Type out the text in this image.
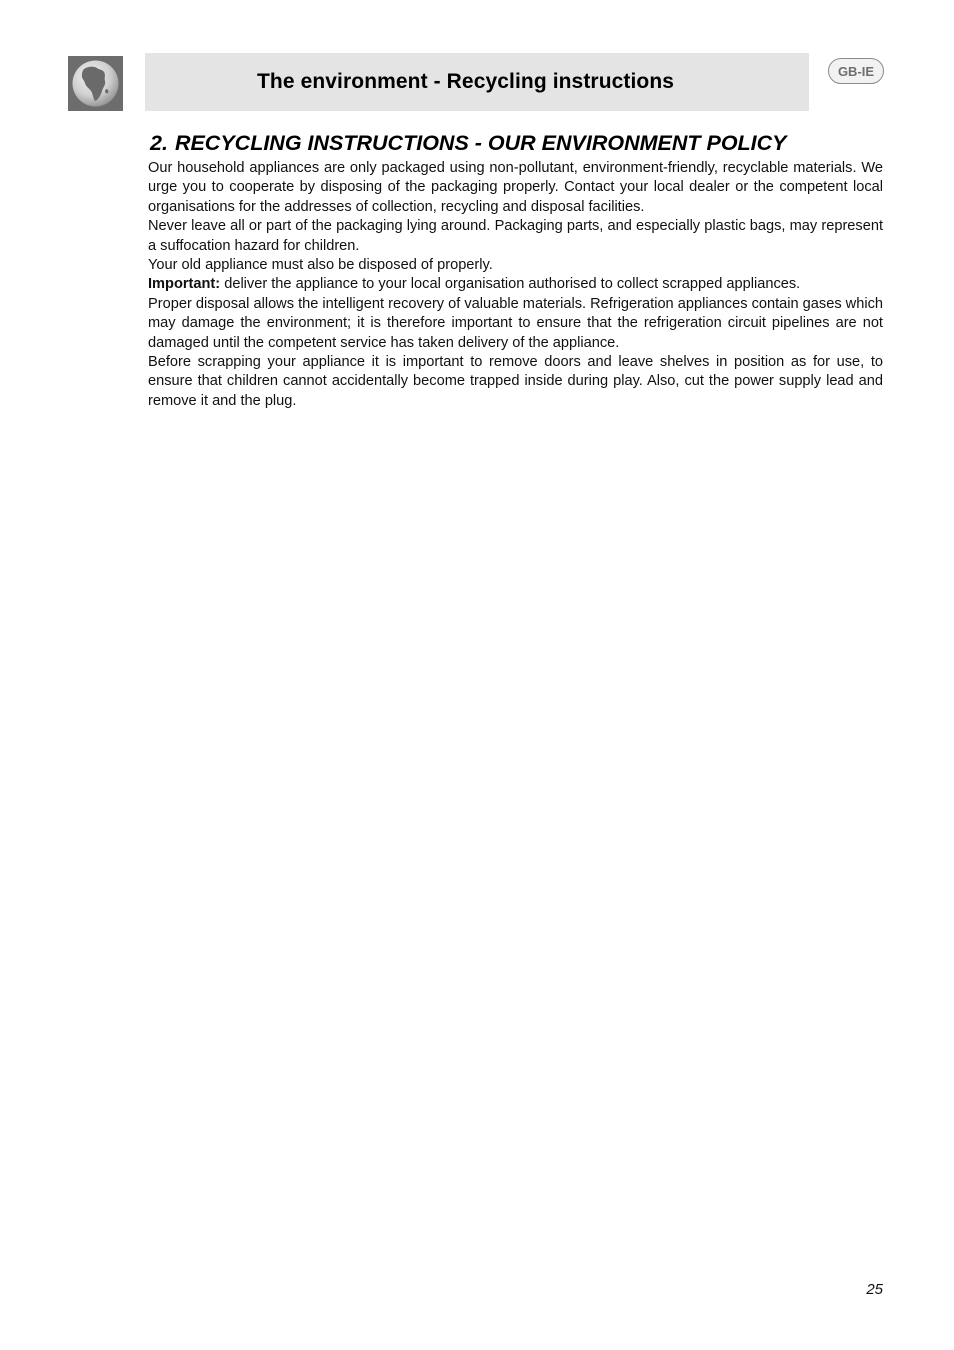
The environment - Recycling instructions	GB-IE
2. RECYCLING INSTRUCTIONS - OUR ENVIRONMENT POLICY

Our household appliances are only packaged using non-pollutant, environment-friendly, recyclable materials. We urge you to cooperate by disposing of the packaging properly. Contact your local dealer or the competent local organisations for the addresses of collection, recycling and disposal facilities.

Never leave all or part of the packaging lying around. Packaging parts, and especially plastic bags, may represent a suffocation hazard for children.

Your old appliance must also be disposed of properly.

Important: deliver the appliance to your local organisation authorised to collect scrapped appliances.

Proper disposal allows the intelligent recovery of valuable materials. Refrigeration appliances contain gases which may damage the environment; it is therefore important to ensure that the refrigeration circuit pipelines are not damaged until the competent service has taken delivery of the appliance.

Before scrapping your appliance it is important to remove doors and leave shelves in position as for use, to ensure that children cannot accidentally become trapped inside during play. Also, cut the power supply lead and remove it and the plug.

25
